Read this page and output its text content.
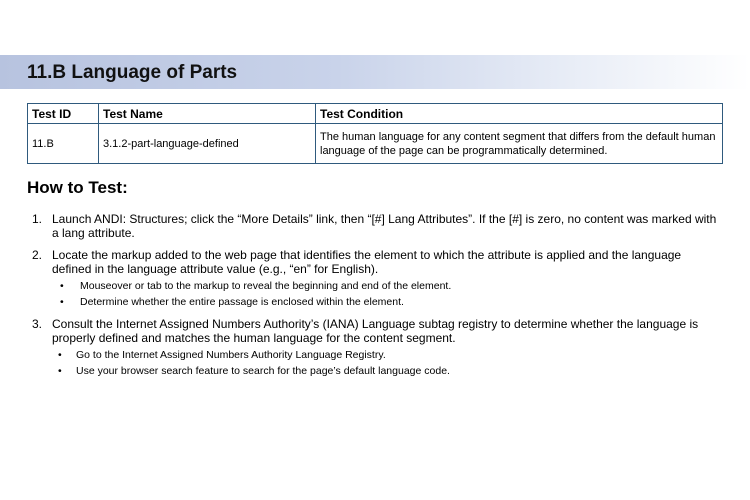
11.B Language of Parts
Test ID	Test Name	Test Condition
11.B	3.1.2-part-language-defined	The human language for any content segment that differs from the default human language of the page can be programmatically determined.
How to Test:
1. Launch ANDI: Structures; click the “More Details” link, then “[#] Lang Attributes”. If the [#] is zero, no content was marked with a lang attribute.
2. Locate the markup added to the web page that identifies the element to which the attribute is applied and the language defined in the language attribute value (e.g., “en” for English).
• Mouseover or tab to the markup to reveal the beginning and end of the element.
• Determine whether the entire passage is enclosed within the element.
3. Consult the Internet Assigned Numbers Authority’s (IANA) Language subtag registry to determine whether the language is properly defined and matches the human language for the content segment.
• Go to the Internet Assigned Numbers Authority Language Registry.
• Use your browser search feature to search for the page’s default language code.
